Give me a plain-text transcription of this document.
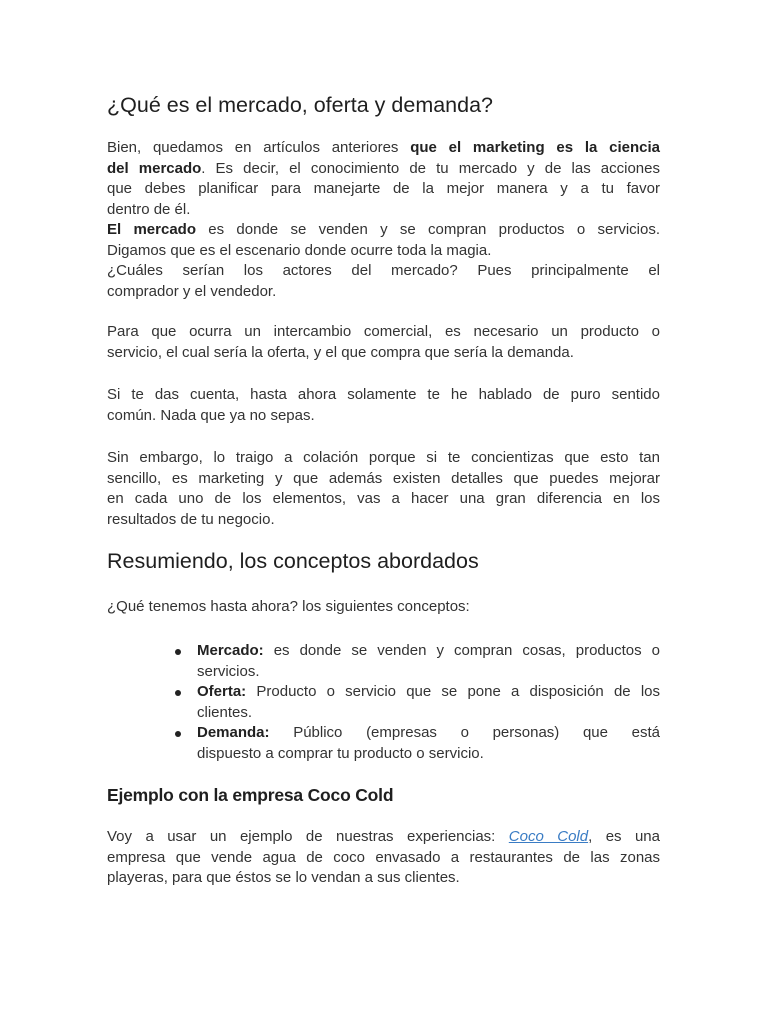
¿Qué es el mercado, oferta y demanda?
Bien, quedamos en artículos anteriores que el marketing es la ciencia
del mercado. Es decir, el conocimiento de tu mercado y de las acciones
que debes planificar para manejarte de la mejor manera y a tu favor
dentro de él.
El mercado es donde se venden y se compran productos o servicios.
Digamos que es el escenario donde ocurre toda la magia.
¿Cuáles serían los actores del mercado? Pues principalmente el
comprador y el vendedor.
Para que ocurra un intercambio comercial, es necesario un producto o
servicio, el cual sería la oferta, y el que compra que sería la demanda.
Si te das cuenta, hasta ahora solamente te he hablado de puro sentido
común. Nada que ya no sepas.
Sin embargo, lo traigo a colación porque si te concientizas que esto tan
sencillo, es marketing y que además existen detalles que puedes mejorar
en cada uno de los elementos, vas a hacer una gran diferencia en los
resultados de tu negocio.
Resumiendo, los conceptos abordados
¿Qué tenemos hasta ahora? los siguientes conceptos:
Mercado: es donde se venden y compran cosas, productos o
servicios.
Oferta: Producto o servicio que se pone a disposición de los
clientes.
Demanda: Público (empresas o personas) que está
dispuesto a comprar tu producto o servicio.
Ejemplo con la empresa Coco Cold
Voy a usar un ejemplo de nuestras experiencias: Coco Cold, es una
empresa que vende agua de coco envasado a restaurantes de las zonas
playeras, para que éstos se lo vendan a sus clientes.
